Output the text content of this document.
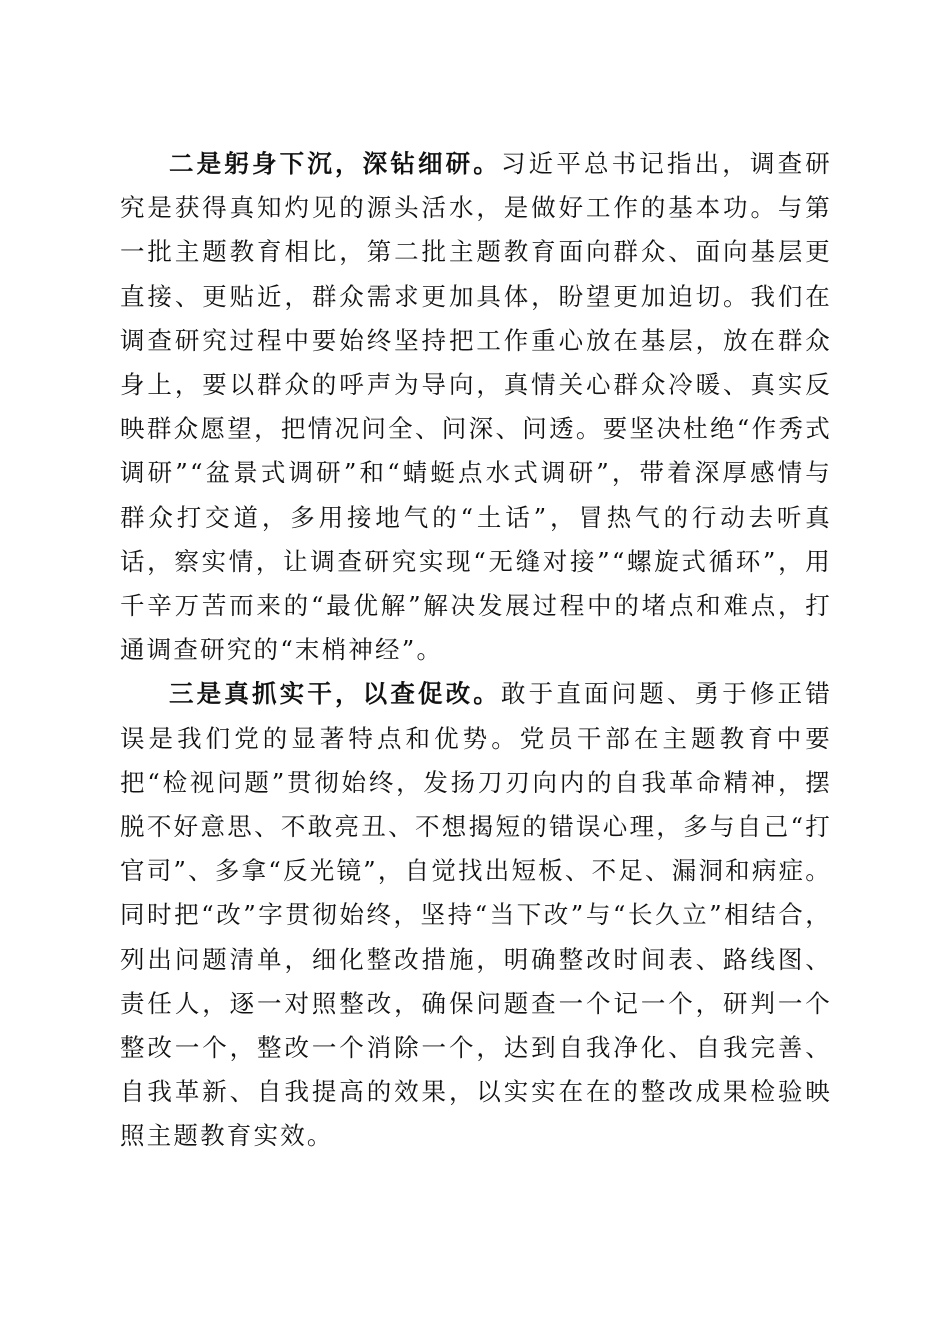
二是躬身下沉，深钻细研。习近平总书记指出，调查研究是获得真知灼见的源头活水，是做好工作的基本功。与第一批主题教育相比，第二批主题教育面向群众、面向基层更直接、更贴近，群众需求更加具体，盼望更加迫切。我们在调查研究过程中要始终坚持把工作重心放在基层，放在群众身上，要以群众的呼声为导向，真情关心群众冷暖、真实反映群众愿望，把情况问全、问深、问透。要坚决杜绝“作秀式调研”“盆景式调研”和“蜻蜓点水式调研”，带着深厚感情与群众打交道，多用接地气的“土话”，冒热气的行动去听真话，察实情，让调查研究实现“无缝对接”“螺旋式循环”，用千辛万苦而来的“最优解”解决发展过程中的堵点和难点，打通调查研究的“末梢神经”。

三是真抓实干，以查促改。敢于直面问题、勇于修正错误是我们党的显著特点和优势。党员干部在主题教育中要把“检视问题”贯彻始终，发扬刀刃向内的自我革命精神，摆脱不好意思、不敢亮丑、不想揭短的错误心理，多与自己“打官司”、多拿“反光镜”，自觉找出短板、不足、漏洞和病症。同时把“改”字贯彻始终，坚持“当下改”与“长久立”相结合，列出问题清单，细化整改措施，明确整改时间表、路线图、责任人，逐一对照整改，确保问题查一个记一个，研判一个整改一个，整改一个消除一个，达到自我净化、自我完善、自我革新、自我提高的效果，以实实在在的整改成果检验映照主题教育实效。
